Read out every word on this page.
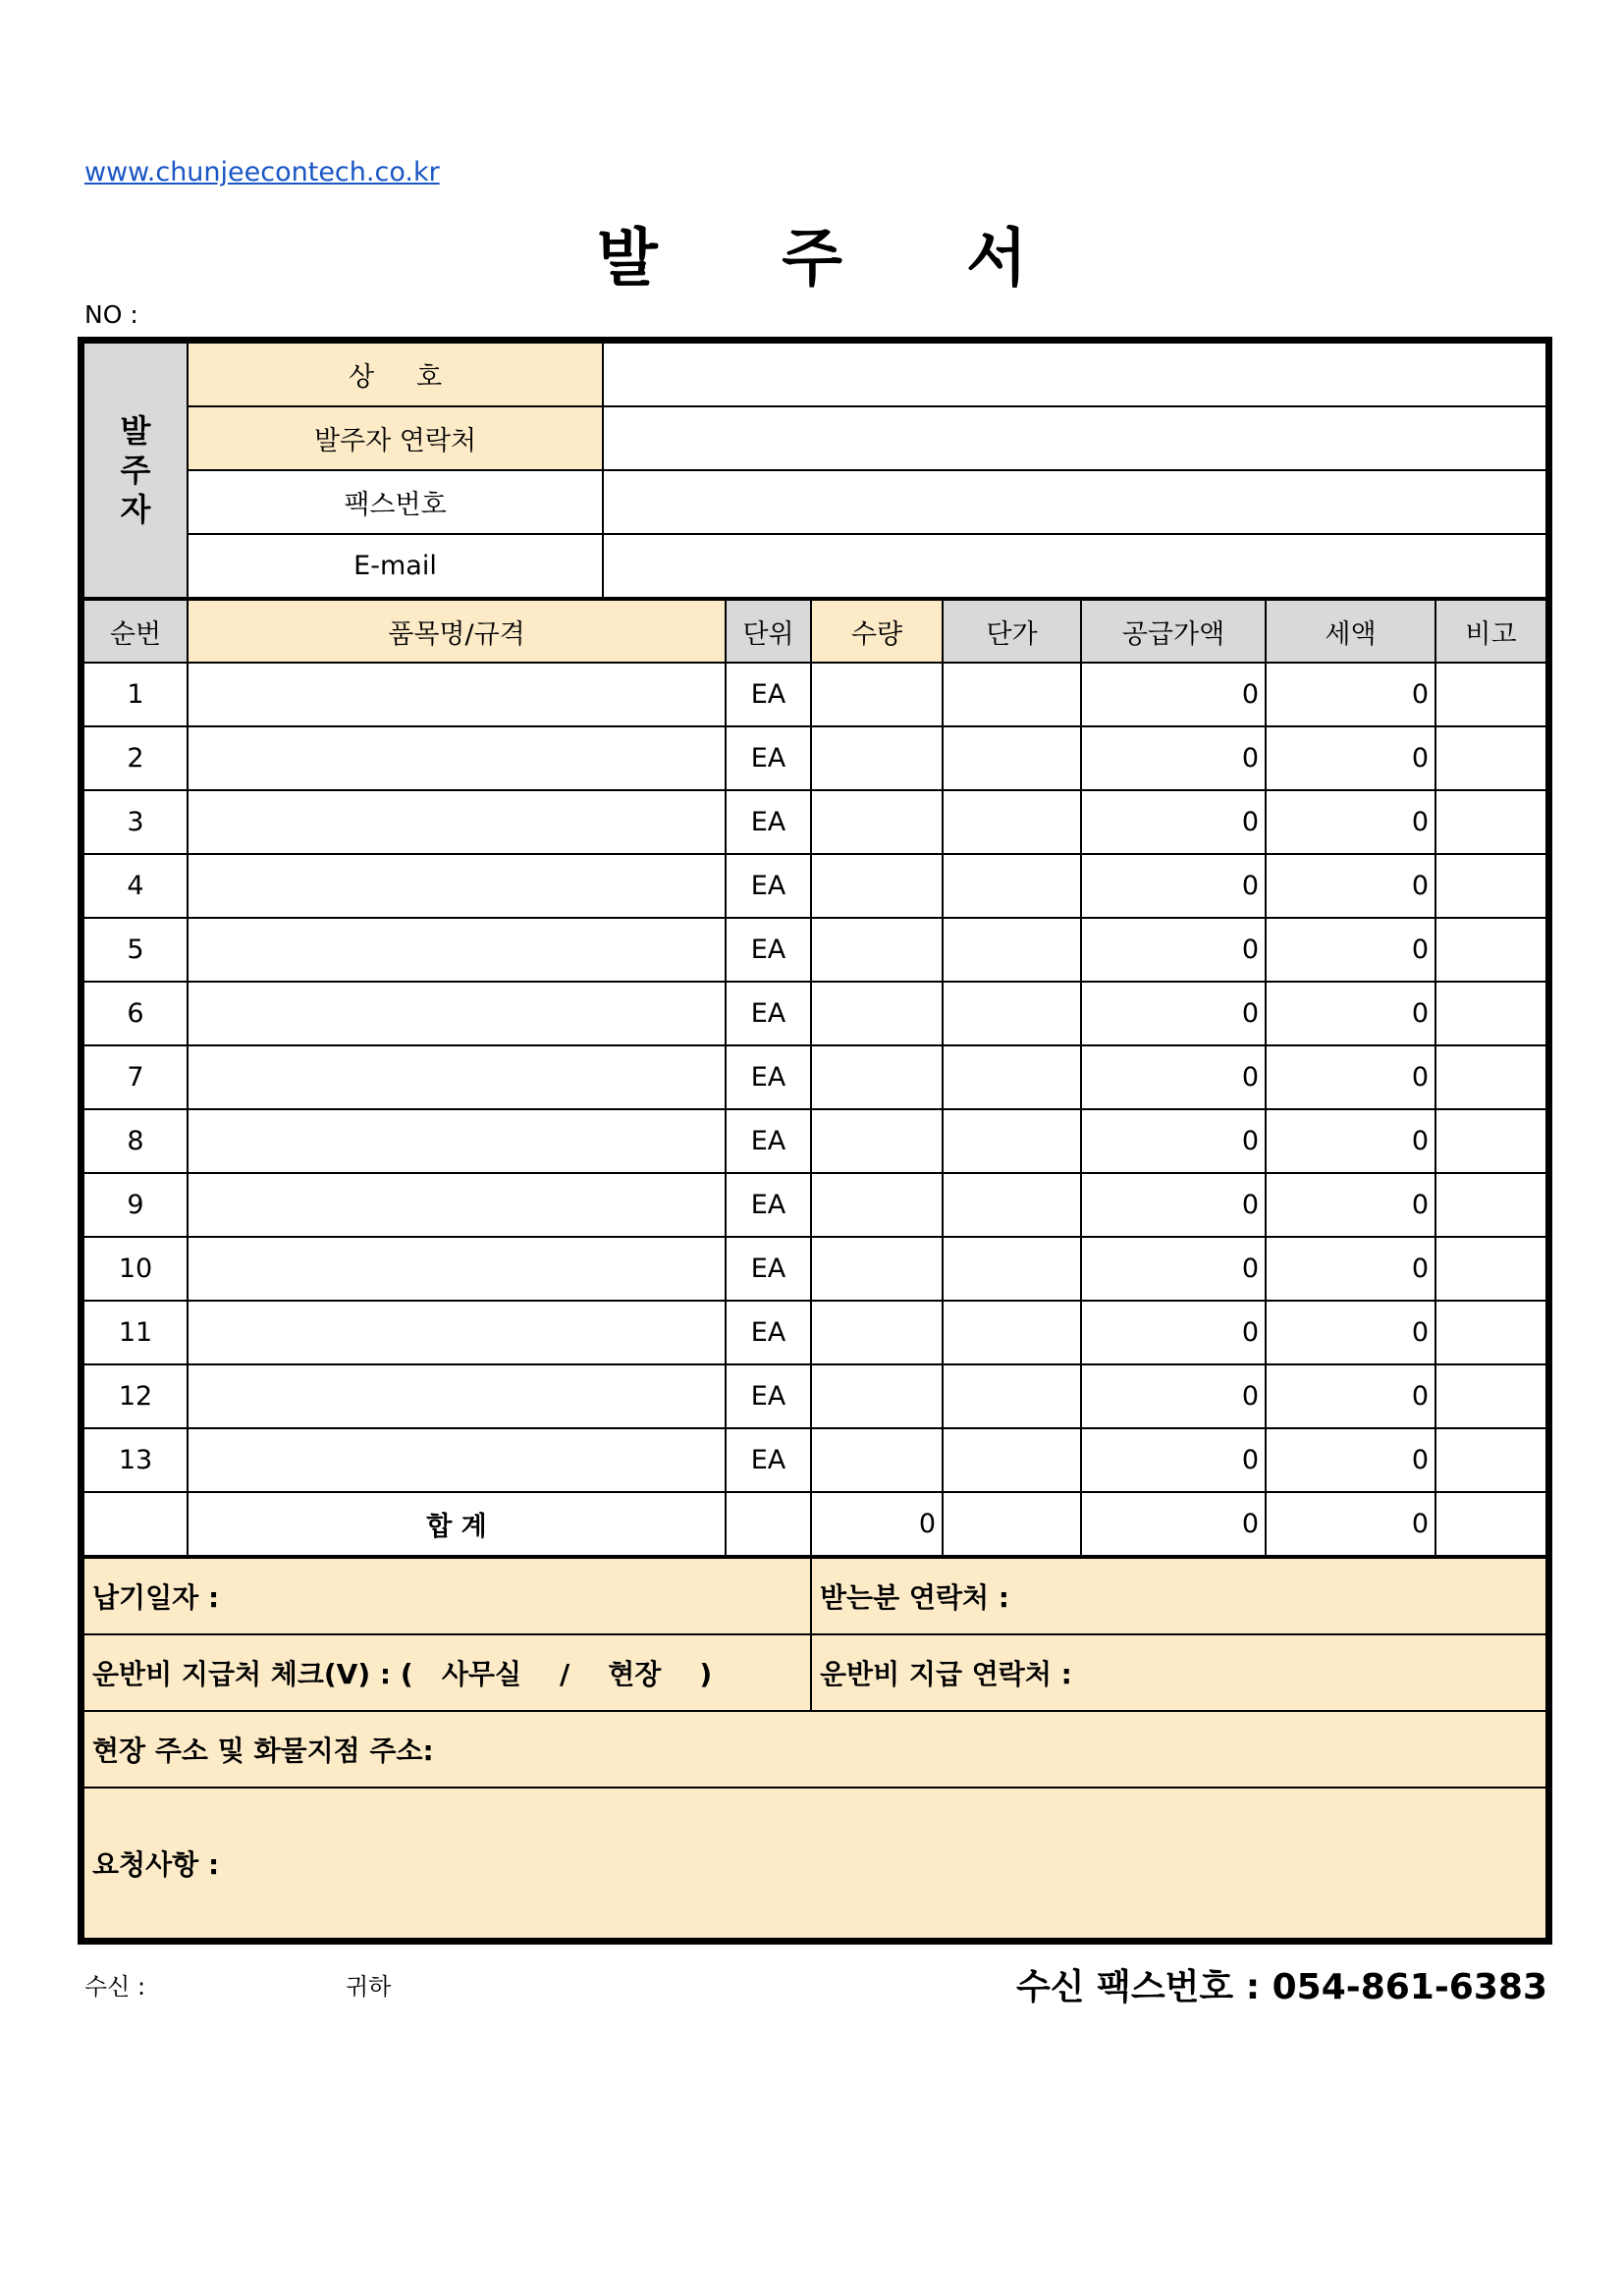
www.chunjeecontech.co.kr
발 주 서
NO :
발
주
자	상     호	
	발주자 연락처	
	팩스번호	
	E-mail	
순번	품목명/규격	단위	수량	단가	공급가액	세액	비고
1		EA			0	0	
2		EA			0	0	
3		EA			0	0	
4		EA			0	0	
5		EA			0	0	
6		EA			0	0	
7		EA			0	0	
8		EA			0	0	
9		EA			0	0	
10		EA			0	0	
11		EA			0	0	
12		EA			0	0	
13		EA			0	0	
	합 계		0		0	0	
납기일자 :	받는분 연락처 :
운반비 지급처 체크(V) : (   사무실    /    현장    )	운반비 지급 연락처 :
현장 주소 및 화물지점 주소:	
요청사항 :	
수신 :	귀하	수신 팩스번호 : 054-861-6383
